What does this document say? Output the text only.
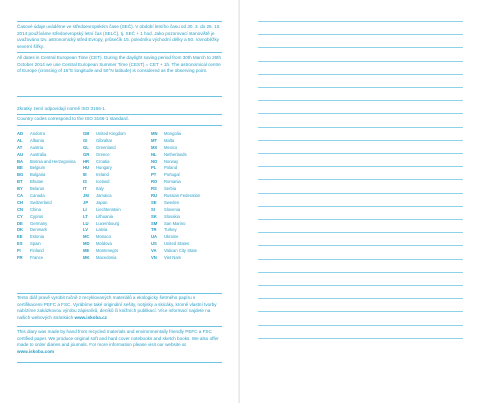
Časové údaje uváděme ve středoevropském čase (SEČ). V období letního času od 30. 3. do 26. 10. 2014 používáme středoevropský letní čas (SELČ), tj. SEČ + 1 hod. Jako pozorovací stanoviště je uvažováno tzv. astronomický střed Evropy, průsečík 15. poledníku východní délky a 50. rovnoběžky severní šířky.
All dates in Central European Time (CET). During the daylight saving period from 30th March to 26th October 2014 we use Central European Summer Time (CEST) = CET + 1h. The astronomical centre of Europe (crossing of 15°E longitude and 50°N latitude) is considered as the observing point.
Zkratky zemí odpovídají normě ISO 3166-1.
Country codes correspond to the ISO 3166-1 standard.
AD Andorra
AL Albania
AT Austria
AU Australia
BA Bosnia and Herzegovina
BE Belgium
BG Bulgaria
BT Bhutan
BY Belarus
CA Canada
CH Switzerland
CN China
CY Cyprus
DE Germany
DK Denmark
EE Estonia
ES Spain
FI Finland
FR France
GB United Kingdom
GI Gibraltar
GL Greenland
GR Greece
HR Croatia
HU Hungary
IE Ireland
IS Iceland
IT Italy
JM Jamaica
JP Japan
LI Liechtenstein
LT Lithuania
LU Luxembourg
LV Latvia
MC Monaco
MD Moldova
ME Montenegro
MK Macedonia
MN Mongolia
MT Malta
MX Mexico
NL Netherlands
NO Norway
PL Poland
PT Portugal
RO Romania
RS Serbia
RU Russian Federation
SE Sweden
SI Slovenia
SK Slovakia
SM San Marino
TR Turkey
UA Ukraine
US United States
VA Vatican City State
VN Viet Nam
Tento diář pravě vyrobit ručně z recyklovaných materiálů a ekologicky šetrného papíru s certifikacemi PEFC a FSC. Vyrábíme také originální sešity, notýsky a skicáky, kromě vlastní tvorby nabízíme zakázkovou výrobu zápisníků, deníků či knižních publikací. Více informací najdete na našich webových stránkách www.iskoba.cz
This diary was made by hand from recycled materials and environmentally friendly PEFC a FSC certified paper. We produce original soft and hard cover notebooks and sketch books. We also offer made to order diaries and journals. For more information please visit our website at www.iskoba.com
